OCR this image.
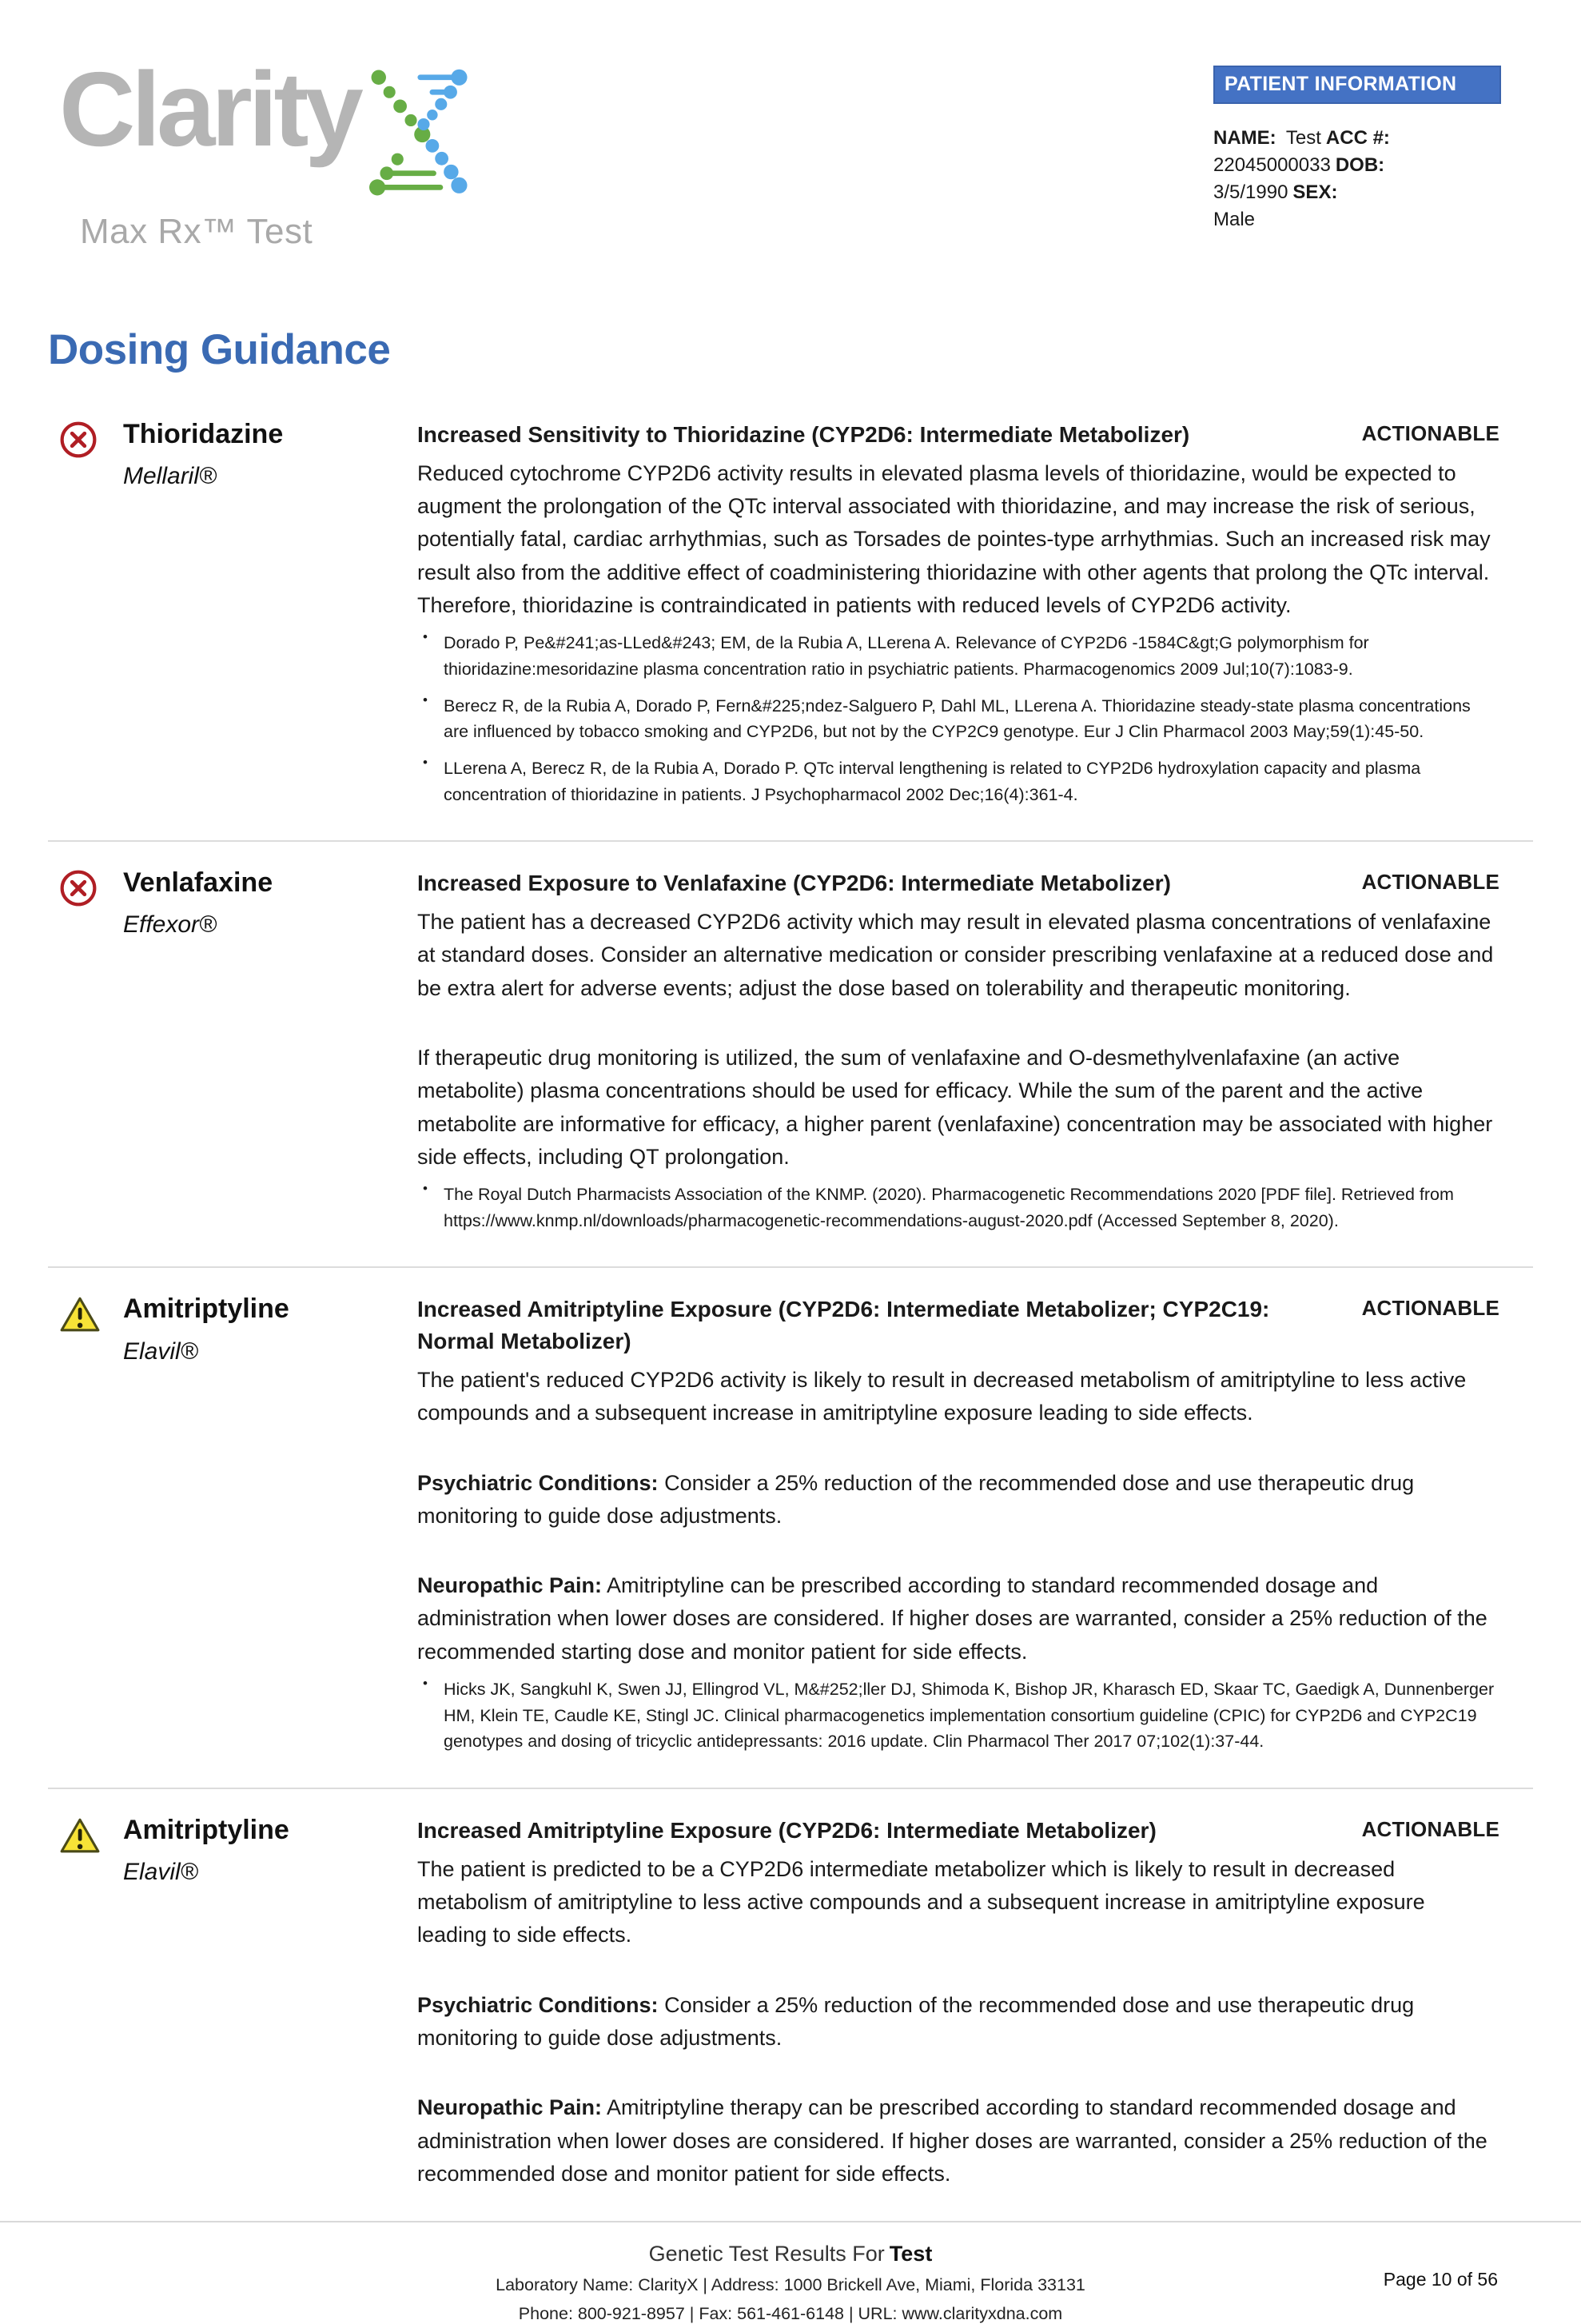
Clarity
Max Rx™ Test
PATIENT INFORMATION
NAME: Test ACC #:
22045000033 DOB:
3/5/1990 SEX:
Male
Dosing Guidance
Thioridazine
Mellaril®
Increased Sensitivity to Thioridazine (CYP2D6: Intermediate Metabolizer)	ACTIONABLE

Reduced cytochrome CYP2D6 activity results in elevated plasma levels of thioridazine, would be expected to augment the prolongation of the QTc interval associated with thioridazine, and may increase the risk of serious, potentially fatal, cardiac arrhythmias, such as Torsades de pointes-type arrhythmias. Such an increased risk may result also from the additive effect of coadministering thioridazine with other agents that prolong the QTc interval. Therefore, thioridazine is contraindicated in patients with reduced levels of CYP2D6 activity.

• Dorado P, Pe&#241;as-LLed&#243; EM, de la Rubia A, LLerena A. Relevance of CYP2D6 -1584C&gt;G polymorphism for thioridazine:mesoridazine plasma concentration ratio in psychiatric patients. Pharmacogenomics 2009 Jul;10(7):1083-9.
• Berecz R, de la Rubia A, Dorado P, Fern&#225;ndez-Salguero P, Dahl ML, LLerena A. Thioridazine steady-state plasma concentrations are influenced by tobacco smoking and CYP2D6, but not by the CYP2C9 genotype. Eur J Clin Pharmacol 2003 May;59(1):45-50.
• LLerena A, Berecz R, de la Rubia A, Dorado P. QTc interval lengthening is related to CYP2D6 hydroxylation capacity and plasma concentration of thioridazine in patients. J Psychopharmacol 2002 Dec;16(4):361-4.
Venlafaxine
Effexor®
Increased Exposure to Venlafaxine (CYP2D6: Intermediate Metabolizer)	ACTIONABLE

The patient has a decreased CYP2D6 activity which may result in elevated plasma concentrations of venlafaxine at standard doses. Consider an alternative medication or consider prescribing venlafaxine at a reduced dose and be extra alert for adverse events; adjust the dose based on tolerability and therapeutic monitoring.

If therapeutic drug monitoring is utilized, the sum of venlafaxine and O-desmethylvenlafaxine (an active metabolite) plasma concentrations should be used for efficacy. While the sum of the parent and the active metabolite are informative for efficacy, a higher parent (venlafaxine) concentration may be associated with higher side effects, including QT prolongation.

• The Royal Dutch Pharmacists Association of the KNMP. (2020). Pharmacogenetic Recommendations 2020 [PDF file]. Retrieved from https://www.knmp.nl/downloads/pharmacogenetic-recommendations-august-2020.pdf (Accessed September 8, 2020).
Amitriptyline
Elavil®
Increased Amitriptyline Exposure (CYP2D6: Intermediate Metabolizer; CYP2C19: Normal Metabolizer)
ACTIONABLE

The patient's reduced CYP2D6 activity is likely to result in decreased metabolism of amitriptyline to less active compounds and a subsequent increase in amitriptyline exposure leading to side effects.

Psychiatric Conditions: Consider a 25% reduction of the recommended dose and use therapeutic drug monitoring to guide dose adjustments.

Neuropathic Pain: Amitriptyline can be prescribed according to standard recommended dosage and administration when lower doses are considered. If higher doses are warranted, consider a 25% reduction of the recommended starting dose and monitor patient for side effects.

• Hicks JK, Sangkuhl K, Swen JJ, Ellingrod VL, M&#252;ller DJ, Shimoda K, Bishop JR, Kharasch ED, Skaar TC, Gaedigk A, Dunnenberger HM, Klein TE, Caudle KE, Stingl JC. Clinical pharmacogenetics implementation consortium guideline (CPIC) for CYP2D6 and CYP2C19 genotypes and dosing of tricyclic antidepressants: 2016 update. Clin Pharmacol Ther 2017 07;102(1):37-44.
Amitriptyline
Elavil®
Increased Amitriptyline Exposure (CYP2D6: Intermediate Metabolizer)	ACTIONABLE

The patient is predicted to be a CYP2D6 intermediate metabolizer which is likely to result in decreased metabolism of amitriptyline to less active compounds and a subsequent increase in amitriptyline exposure leading to side effects.

Psychiatric Conditions: Consider a 25% reduction of the recommended dose and use therapeutic drug monitoring to guide dose adjustments.

Neuropathic Pain: Amitriptyline therapy can be prescribed according to standard recommended dosage and administration when lower doses are considered. If higher doses are warranted, consider a 25% reduction of the recommended dose and monitor patient for side effects.

Genetic Test Results For Test
Laboratory Name: ClarityX | Address: 1000 Brickell Ave, Miami, Florida 33131
Phone: 800-921-8957 | Fax: 561-461-6148 | URL: www.clarityxdna.com
Page 10 of 56
